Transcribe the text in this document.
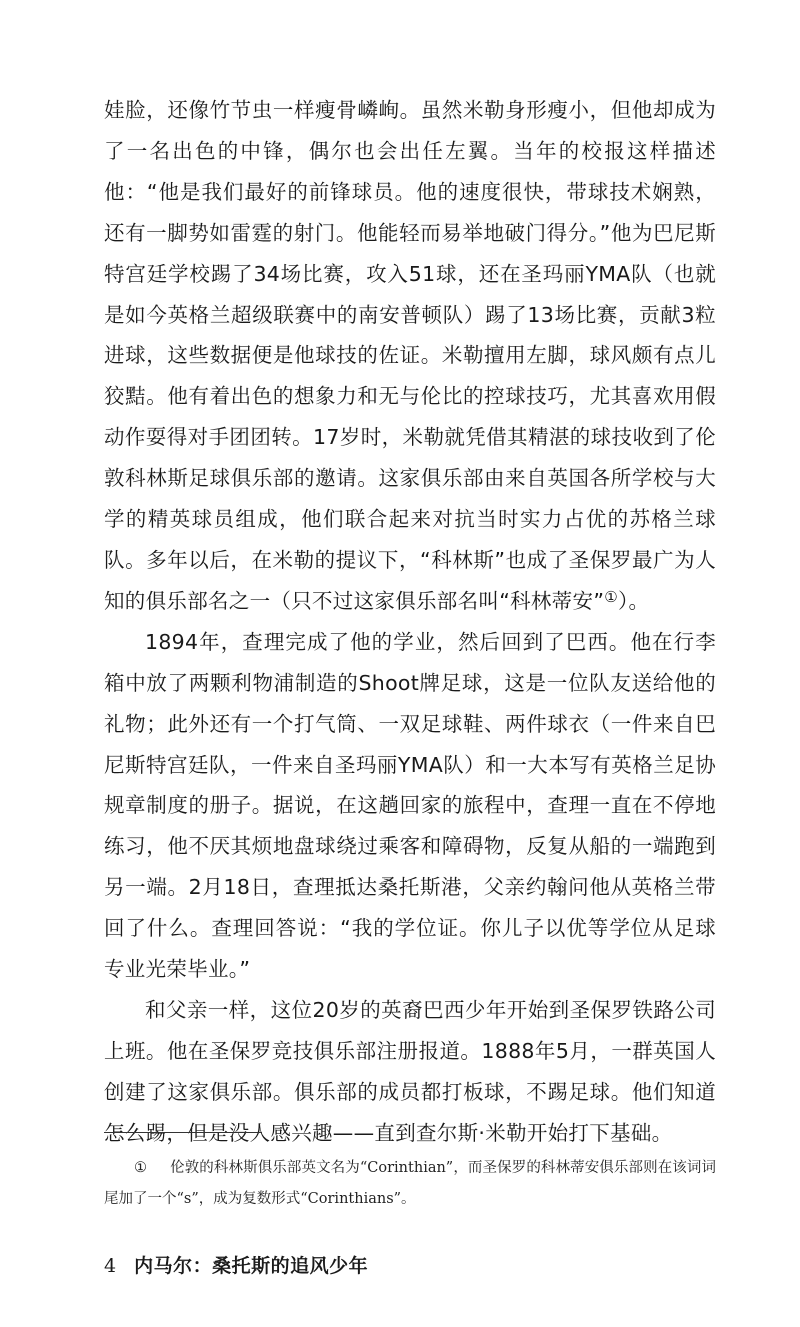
娃脸，还像竹节虫一样瘦骨嶙峋。虽然米勒身形瘦小，但他却成为了一名出色的中锋，偶尔也会出任左翼。当年的校报这样描述他：“他是我们最好的前锋球员。他的速度很快，带球技术娴熟，还有一脚势如雷霆的射门。他能轻而易举地破门得分。”他为巴尼斯特宫廷学校踢了34场比赛，攻入51球，还在圣玛丽YMA队（也就是如今英格兰超级联赛中的南安普顿队）踢了13场比赛，贡献3粒进球，这些数据便是他球技的佐证。米勒擅用左脚，球风颇有点儿狡黠。他有着出色的想象力和无与伦比的控球技巧，尤其喜欢用假动作耍得对手团团转。17岁时，米勒就凭借其精湛的球技收到了伦敦科林斯足球俱乐部的邀请。这家俱乐部由来自英国各所学校与大学的精英球员组成，他们联合起来对抗当时实力占优的苏格兰球队。多年以后，在米勒的提议下，“科林斯”也成了圣保罗最广为人知的俱乐部名之一（只不过这家俱乐部名叫“科林蒂安”①）。

1894年，查理完成了他的学业，然后回到了巴西。他在行李箱中放了两颗利物浦制造的Shoot牌足球，这是一位队友送给他的礼物；此外还有一个打气筒、一双足球鞋、两件球衣（一件来自巴尼斯特宫廷队，一件来自圣玛丽YMA队）和一大本写有英格兰足协规章制度的册子。据说，在这趟回家的旅程中，查理一直在不停地练习，他不厌其烦地盘球绕过乘客和障碍物，反复从船的一端跑到另一端。2月18日，查理抵达桑托斯港，父亲约翰问他从英格兰带回了什么。查理回答说：“我的学位证。你儿子以优等学位从足球专业光荣毕业。”

和父亲一样，这位20岁的英裔巴西少年开始到圣保罗铁路公司上班。他在圣保罗竞技俱乐部注册报道。1888年5月，一群英国人创建了这家俱乐部。俱乐部的成员都打板球，不踢足球。他们知道怎么踢，但是没人感兴趣——直到查尔斯·米勒开始打下基础。

① 伦敦的科林斯俱乐部英文名为“Corinthian”，而圣保罗的科林蒂安俱乐部则在该词词尾加了一个“s”，成为复数形式“Corinthians”。
4 内马尔：桑托斯的追风少年
